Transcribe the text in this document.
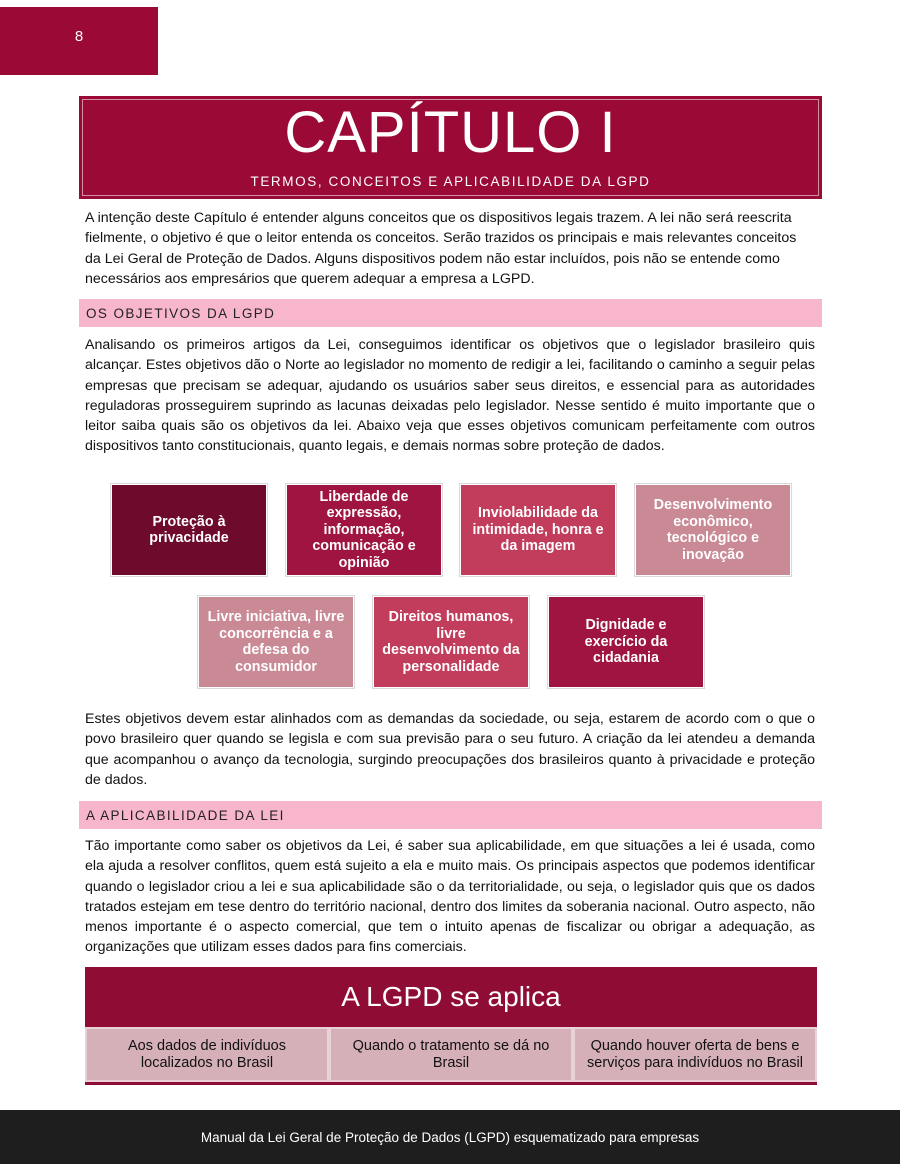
8
CAPÍTULO I
TERMOS, CONCEITOS E APLICABILIDADE DA LGPD

A intenção deste Capítulo é entender alguns conceitos que os dispositivos legais trazem. A lei não será reescrita fielmente, o objetivo é que o leitor entenda os conceitos. Serão trazidos os principais e mais relevantes conceitos da Lei Geral de Proteção de Dados. Alguns dispositivos podem não estar incluídos, pois não se entende como necessários aos empresários que querem adequar a empresa a LGPD.

OS OBJETIVOS DA LGPD

Analisando os primeiros artigos da Lei, conseguimos identificar os objetivos que o legislador brasileiro quis alcançar. Estes objetivos dão o Norte ao legislador no momento de redigir a lei, facilitando o caminho a seguir pelas empresas que precisam se adequar, ajudando os usuários saber seus direitos, e essencial para as autoridades reguladoras prosseguirem suprindo as lacunas deixadas pelo legislador. Nesse sentido é muito importante que o leitor saiba quais são os objetivos da lei. Abaixo veja que esses objetivos comunicam perfeitamente com outros dispositivos tanto constitucionais, quanto legais, e demais normas sobre proteção de dados.

Proteção à privacidade
Liberdade de expressão, informação, comunicação e opinião
Inviolabilidade da intimidade, honra e da imagem
Desenvolvimento econômico, tecnológico e inovação
Livre iniciativa, livre concorrência e a defesa do consumidor
Direitos humanos, livre desenvolvimento da personalidade
Dignidade e exercício da cidadania

Estes objetivos devem estar alinhados com as demandas da sociedade, ou seja, estarem de acordo com o que o povo brasileiro quer quando se legisla e com sua previsão para o seu futuro. A criação da lei atendeu a demanda que acompanhou o avanço da tecnologia, surgindo preocupações dos brasileiros quanto à privacidade e proteção de dados.

A APLICABILIDADE DA LEI

Tão importante como saber os objetivos da Lei, é saber sua aplicabilidade, em que situações a lei é usada, como ela ajuda a resolver conflitos, quem está sujeito a ela e muito mais. Os principais aspectos que podemos identificar quando o legislador criou a lei e sua aplicabilidade são o da territorialidade, ou seja, o legislador quis que os dados tratados estejam em tese dentro do território nacional, dentro dos limites da soberania nacional. Outro aspecto, não menos importante é o aspecto comercial, que tem o intuito apenas de fiscalizar ou obrigar a adequação, as organizações que utilizam esses dados para fins comerciais.

A LGPD se aplica
Aos dados de indivíduos localizados no Brasil
Quando o tratamento se dá no Brasil
Quando houver oferta de bens e serviços para indivíduos no Brasil
Manual da Lei Geral de Proteção de Dados (LGPD) esquematizado para empresas
